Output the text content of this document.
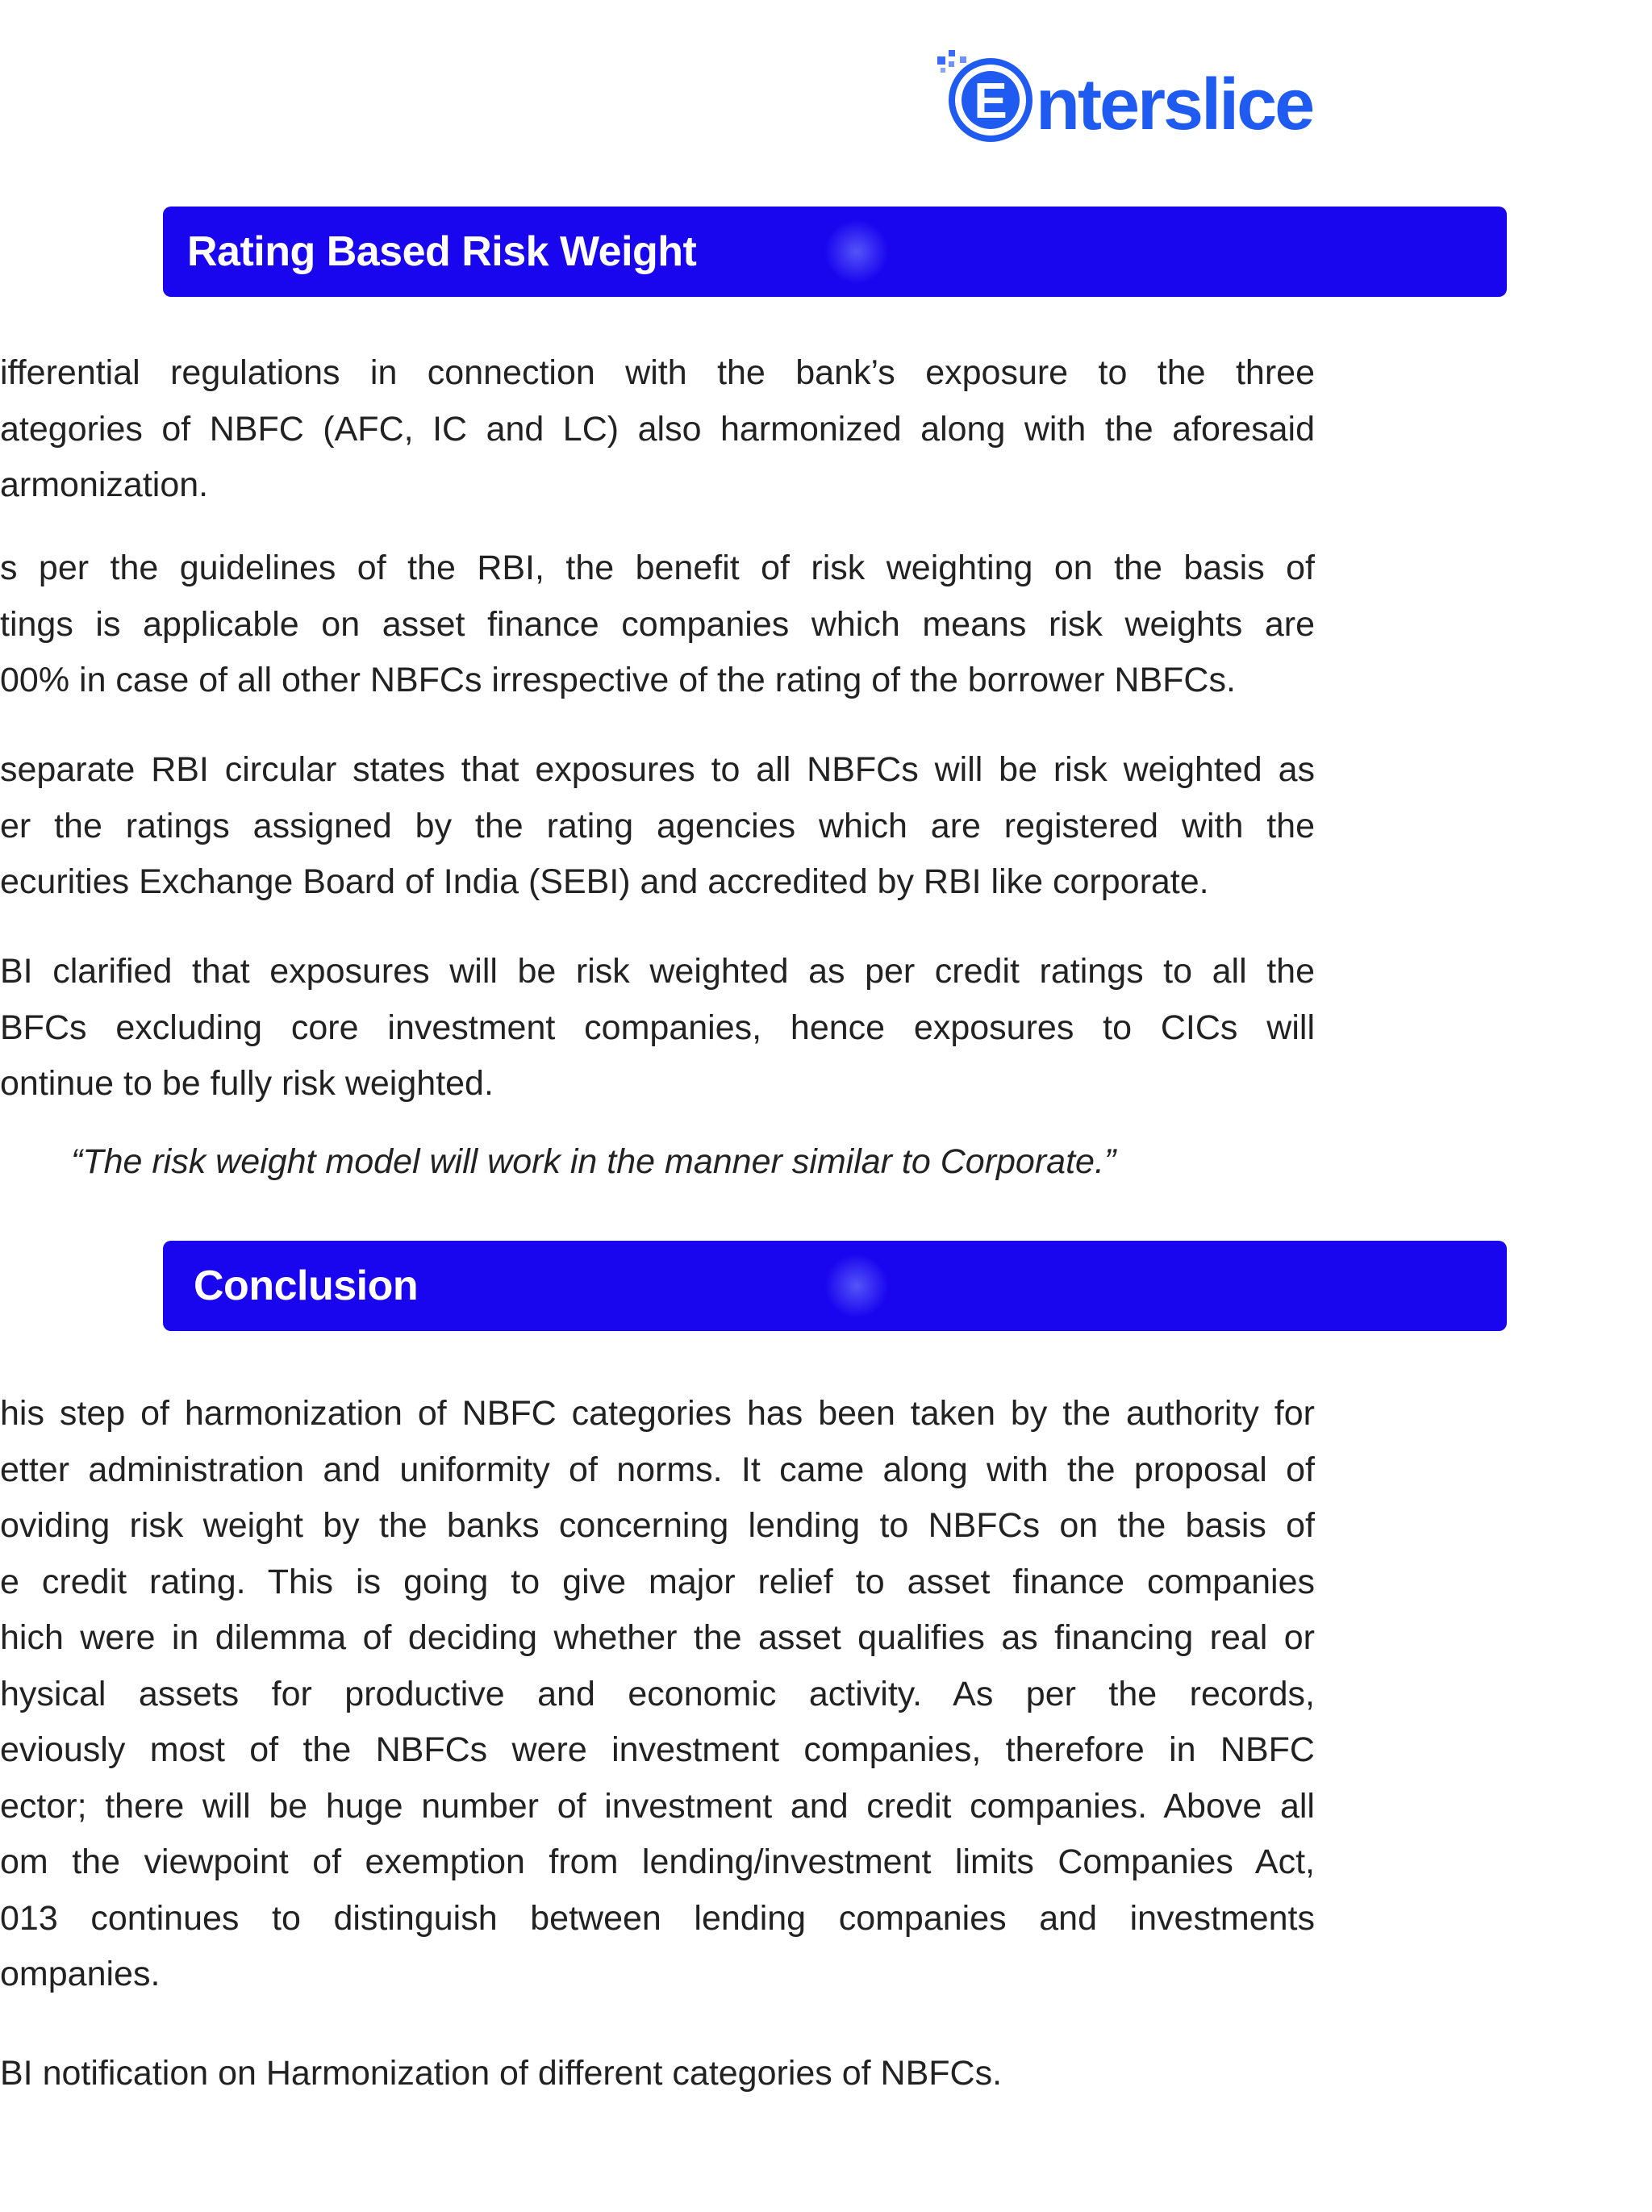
E nterslice
Rating Based Risk Weight

ifferential regulations in connection with the bank’s exposure to the three
ategories of NBFC (AFC, IC and LC) also harmonized along with the aforesaid
armonization.

s per the guidelines of the RBI, the benefit of risk weighting on the basis of
tings is applicable on asset finance companies which means risk weights are
00% in case of all other NBFCs irrespective of the rating of the borrower NBFCs.

separate RBI circular states that exposures to all NBFCs will be risk weighted as
er the ratings assigned by the rating agencies which are registered with the
ecurities Exchange Board of India (SEBI) and accredited by RBI like corporate.

BI clarified that exposures will be risk weighted as per credit ratings to all the
BFCs excluding core investment companies, hence exposures to CICs will
ontinue to be fully risk weighted.

“The risk weight model will work in the manner similar to Corporate.”

Conclusion

his step of harmonization of NBFC categories has been taken by the authority for
etter administration and uniformity of norms. It came along with the proposal of
oviding risk weight by the banks concerning lending to NBFCs on the basis of
e credit rating. This is going to give major relief to asset finance companies
hich were in dilemma of deciding whether the asset qualifies as financing real or
hysical assets for productive and economic activity. As per the records,
eviously most of the NBFCs were investment companies, therefore in NBFC
ector; there will be huge number of investment and credit companies. Above all
om the viewpoint of exemption from lending/investment limits Companies Act,
013 continues to distinguish between lending companies and investments
ompanies.

BI notification on Harmonization of different categories of NBFCs.
